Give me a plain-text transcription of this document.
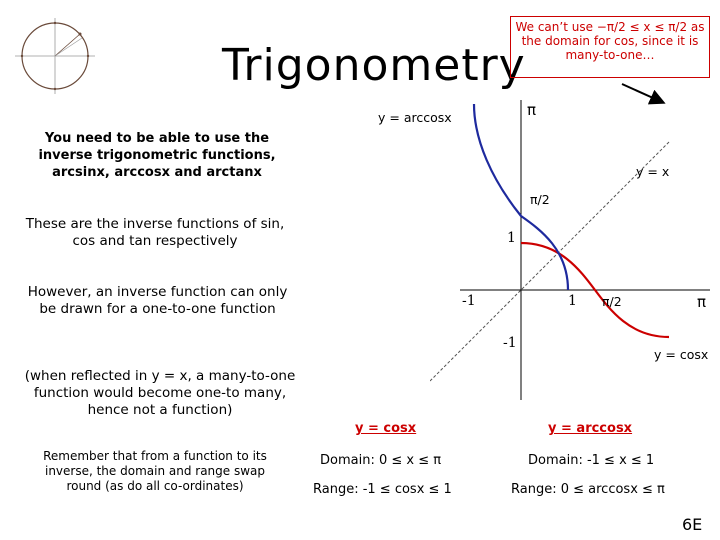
Trigonometry
We can’t use −π/2 ≤ x ≤ π/2 as the domain for cos, since it is many-to-one…
y = arccosx	π
y = x
π/2
1
-1	1 π/2	π
-1
y = cosx
You need to be able to use the inverse trigonometric functions, arcsinx, arccosx and arctanx
These are the inverse functions of sin, cos and tan respectively
However, an inverse function can only be drawn for a one-to-one function
(when reflected in y = x, a many-to-one function would become one-to many, hence not a function)
Remember that from a function to its inverse, the domain and range swap round (as do all co-ordinates)
y = cosx
Domain: 0 ≤ x ≤ π
Range: -1 ≤ cosx ≤ 1
y = arccosx
Domain: -1 ≤ x ≤ 1
Range: 0 ≤ arccosx ≤ π
6E
